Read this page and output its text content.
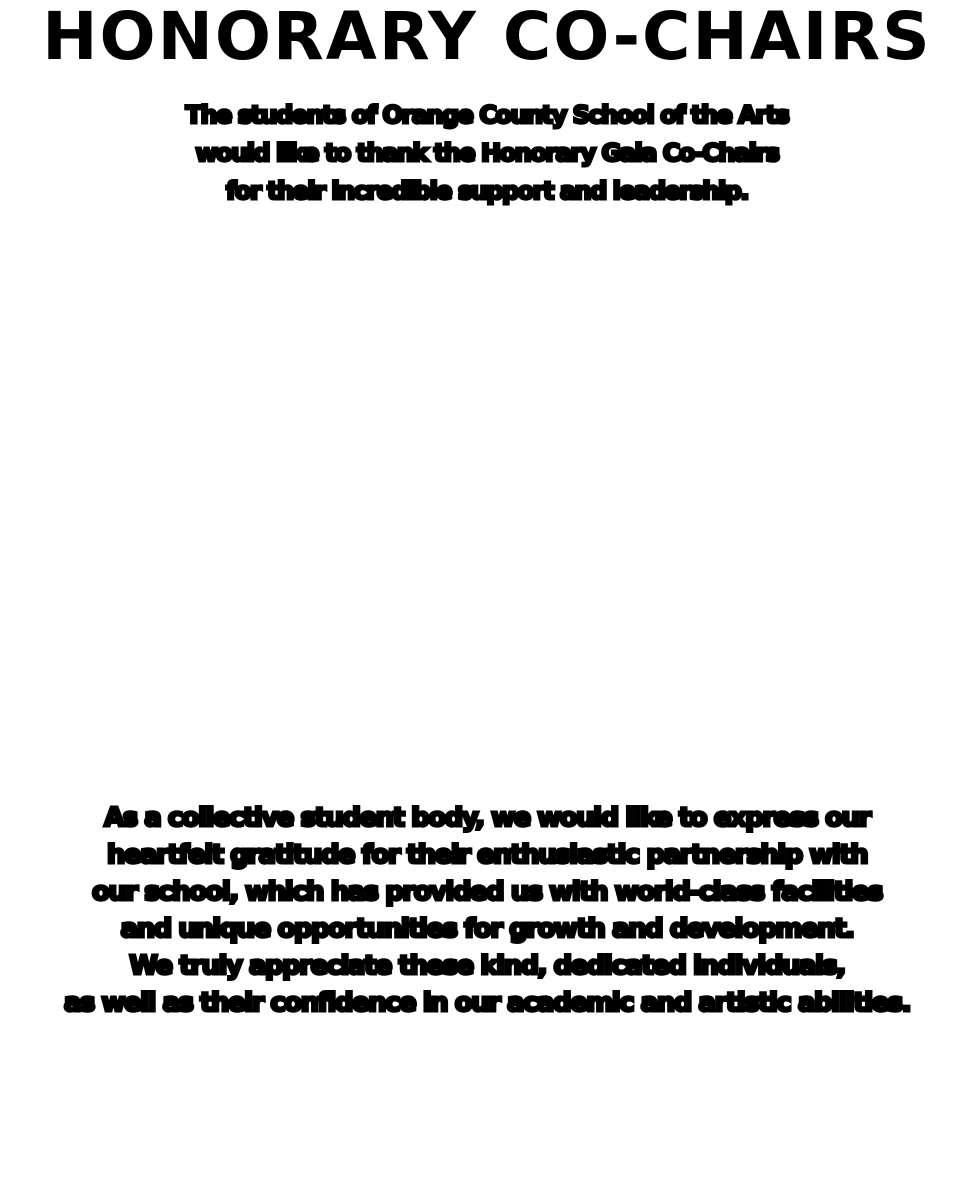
HONORARY CO-CHAIRS
The students of Orange County School of the Arts
would like to thank the Honorary Gala Co-Chairs
for their incredible support and leadership.
As a collective student body, we would like to express our
heartfelt gratitude for their enthusiastic partnership with
our school, which has provided us with world-class facilities
and unique opportunities for growth and development.
We truly appreciate these kind, dedicated individuals,
as well as their confidence in our academic and artistic abilities.
